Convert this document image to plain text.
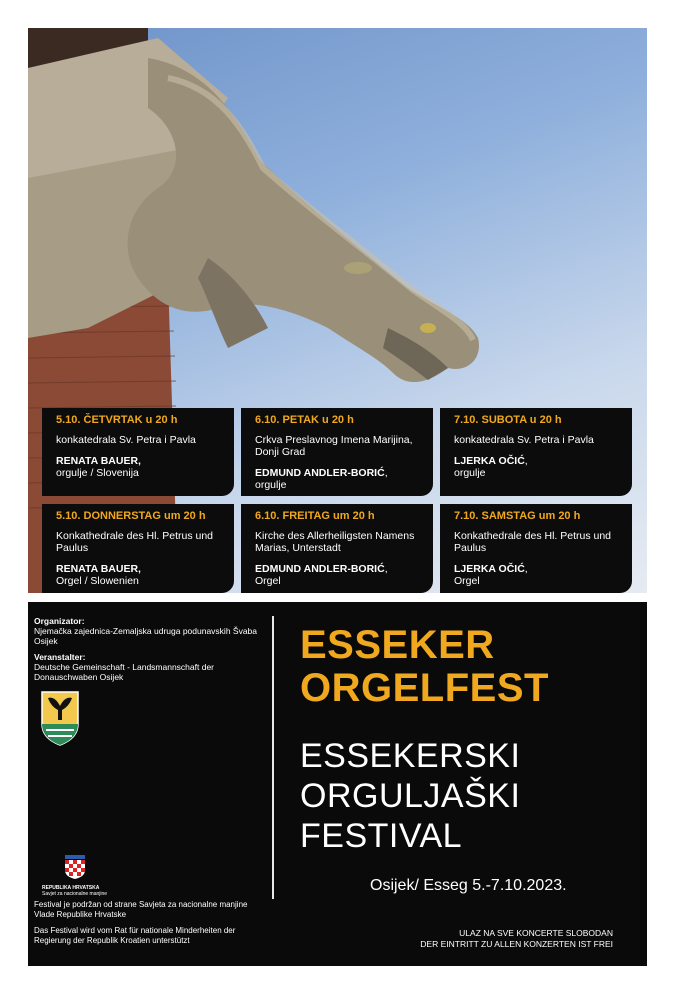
5.10. ČETVRTAK u 20 h
konkatedrala Sv. Petra i Pavla
RENATA BAUER,
orgulje / Slovenija
6.10. PETAK u 20 h
Crkva Preslavnog Imena Marijina, Donji Grad
EDMUND ANDLER-BORIĆ,
orgulje
7.10. SUBOTA u 20 h
konkatedrala Sv. Petra i Pavla
LJERKA OČIĆ,
orgulje
5.10. DONNERSTAG um 20 h
Konkathedrale des Hl. Petrus und Paulus
RENATA BAUER,
Orgel / Slowenien
6.10. FREITAG um 20 h
Kirche des Allerheiligsten Namens Marias, Unterstadt
EDMUND ANDLER-BORIĆ,
Orgel
7.10. SAMSTAG um 20 h
Konkathedrale des Hl. Petrus und Paulus
LJERKA OČIĆ,
Orgel
Organizator:
Njemačka zajednica-Zemaljska udruga podunavskih Švaba Osijek
Veranstalter:
Deutsche Gemeinschaft - Landsmannschaft der Donauschwaben Osijek
ESSEKER
ORGELFEST
ESSEKERSKI
ORGULJAŠKI
FESTIVAL
Osijek/ Esseg 5.-7.10.2023.
REPUBLIKA HRVATSKA
Savjet za nacionalne manjine
Festival je podržan od strane Savjeta za nacionalne manjine Vlade Republike Hrvatske
Das Festival wird vom Rat für nationale Minderheiten der Regierung der Republik Kroatien unterstützt
ULAZ NA SVE KONCERTE SLOBODAN
DER EINTRITT ZU ALLEN KONZERTEN IST FREI
